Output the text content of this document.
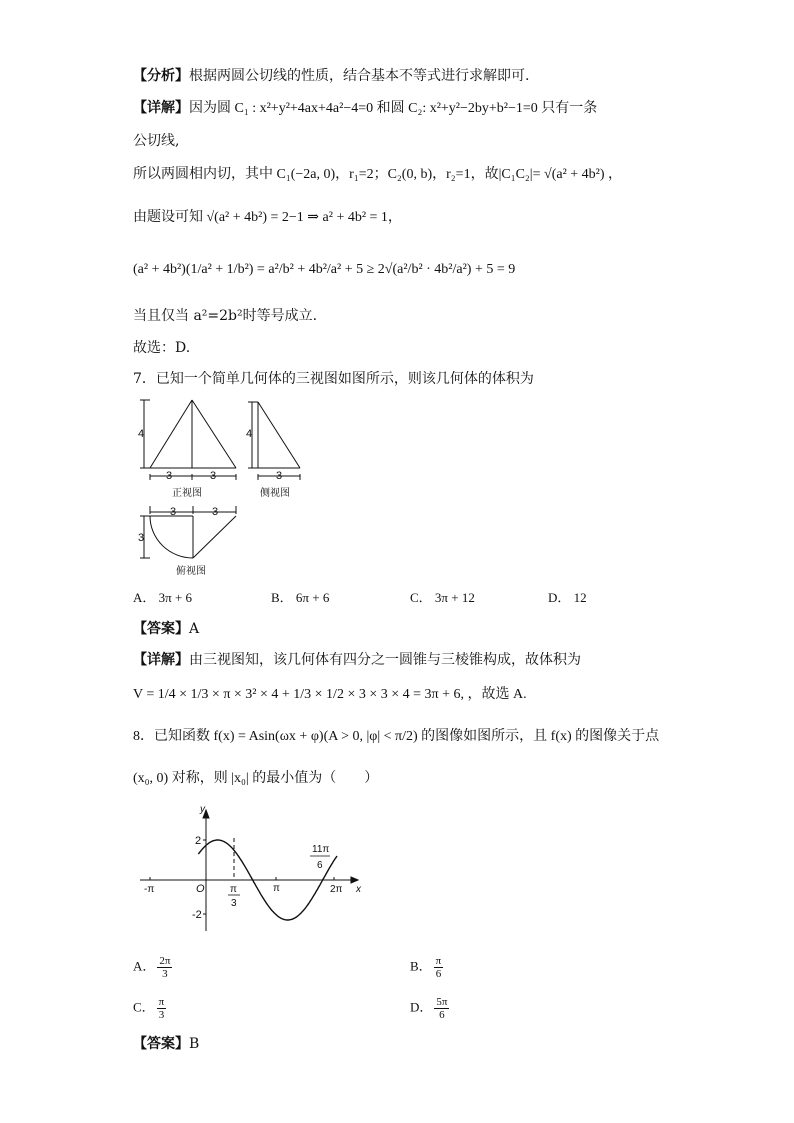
【分析】根据两圆公切线的性质，结合基本不等式进行求解即可.
【详解】因为圆 C₁ : x²+y²+4ax+4a²−4=0 和圆 C₂: x²+y²−2by+b²−1=0 只有一条
公切线,
所以两圆相内切，其中 C₁(−2a, 0)，r₁=2；C₂(0, b)，r₂=1，故|C₁C₂|= √(a² + 4b²) ，
由题设可知 √(a² + 4b²) = 2−1 ⇒ a² + 4b² = 1，
(a² + 4b²)(1/a² + 1/b²) = a²/b² + 4b²/a² + 5 ≥ 2√(a²/b² · 4b²/a²) + 5 = 9
当且仅当 a²=2b²时等号成立.
故选：D.
7．已知一个简单几何体的三视图如图所示，则该几何体的体积为
4
3	3
正视图
4
3
侧视图
3	3
3
俯视图
A． 3π + 6	B． 6π + 6	C． 3π + 12	D． 12
【答案】A
【详解】由三视图知，该几何体有四分之一圆锥与三棱锥构成，故体积为
V = 1/4 × 1/3 × π × 3² × 4 + 1/3 × 1/2 × 3 × 3 × 4 = 3π + 6, ，故选 A.
8．已知函数 f(x) = Asin(ωx + φ)(A > 0, |φ| < π/2) 的图像如图所示，且 f(x) 的图像关于点
(x₀, 0) 对称，则 |x₀| 的最小值为（　　）
y
x
O
2
-2
-π	π	2π
π
3
11π
6
A． $\frac{2\pi}{3}$	B． $\frac{\pi}{6}$
C． $\frac{\pi}{3}$	D． $\frac{5\pi}{6}$
【答案】B
